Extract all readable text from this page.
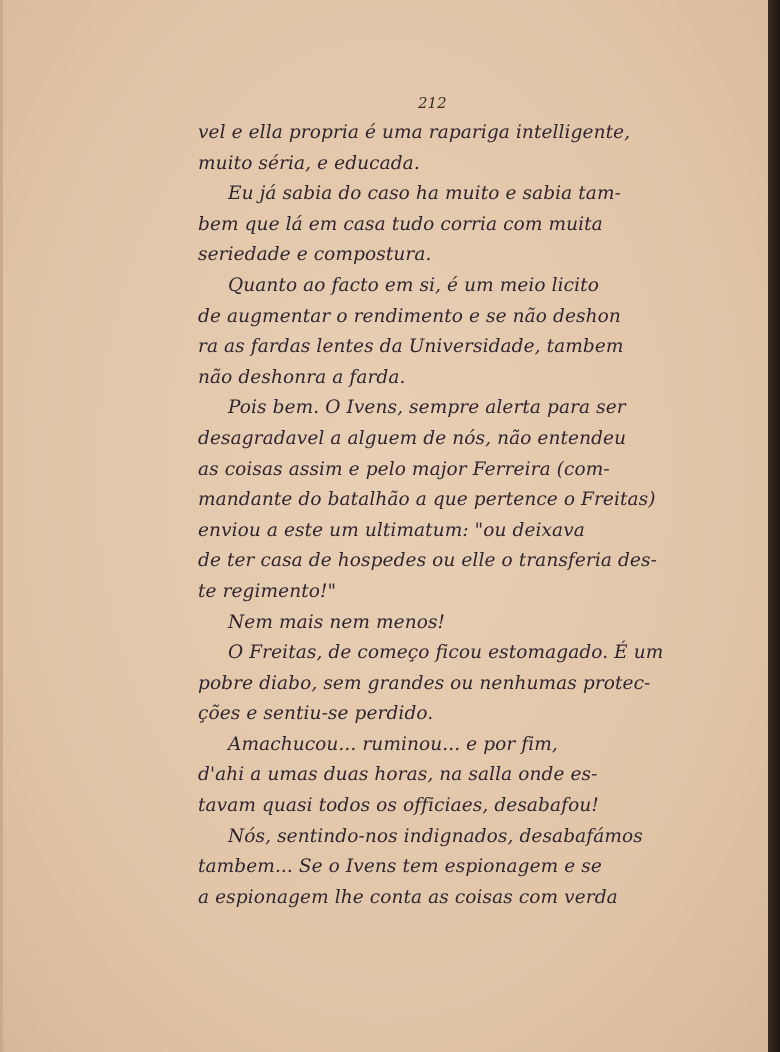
212
vel e ella propria é uma rapariga intelligente,
muito séria, e educada.
Eu já sabia do caso ha muito e sabia tam-
bem que lá em casa tudo corria com muita
seriedade e compostura.
Quanto ao facto em si, é um meio licito
de augmentar o rendimento e se não deshon
ra as fardas lentes da Universidade, tambem
não deshonra a farda.
Pois bem. O Ivens, sempre alerta para ser
desagradavel a alguem de nós, não entendeu
as coisas assim e pelo major Ferreira (com-
mandante do batalhão a que pertence o Freitas)
enviou a este um ultimatum: "ou deixava
de ter casa de hospedes ou elle o transferia des-
te regimento!"
Nem mais nem menos!
O Freitas, de começo ficou estomagado. É um
pobre diabo, sem grandes ou nenhumas protec-
ções e sentiu-se perdido.
Amachucou... ruminou... e por fim,
d'ahi a umas duas horas, na salla onde es-
tavam quasi todos os officiaes, desabafou!
Nós, sentindo-nos indignados, desabafámos
tambem... Se o Ivens tem espionagem e se
a espionagem lhe conta as coisas com verda
